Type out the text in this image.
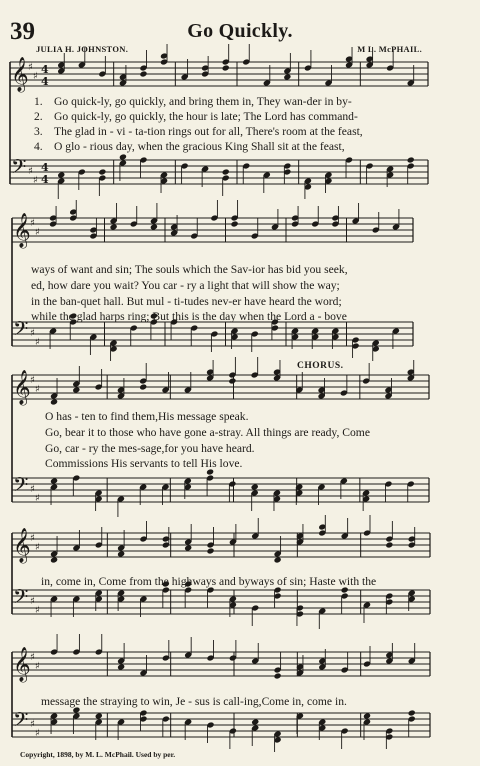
𝄞 ♯
♯
4
4
𝄢 ♯
♯
4
4
𝄞 ♯
♯
𝄢 ♯
♯
𝄞 ♯
♯
𝄢 ♯
♯
𝄞 ♯
♯
𝄢 ♯
♯
𝄞 ♯
♯
𝄢 ♯
♯
39	Go Quickly.
JULIA H. JOHNSTON.	M L. McPHAIL.
1. Go quick-ly, go quickly, and bring them in, They wan-der in by-
2. Go quick-ly, go quickly, the hour is late; The Lord has command-
3. The glad in - vi - ta-tion rings out for all, There's room at the feast,
4. O glo - rious day, when the gracious King Shall sit at the feast,
ways of want and sin; The souls which the Sav-ior has bid you seek,
ed, how dare you wait? You car - ry a light that will show the way;
in the ban-quet hall. But mul - ti-tudes nev-er have heard the word;
while the glad harps ring; But this is the day when the Lord a - bove
CHORUS.
O has - ten to find them,His message speak.
Go, bear it to those who have gone a-stray. All things are ready, Come
Go, car - ry the mes-sage,for you have heard.
Commissions His servants to tell His love.
in, come in, Come from the highways and byways of sin; Haste with the
message the straying to win, Je - sus is call-ing,Come in, come in.
Copyright, 1898, by M. L. McPhail. Used by per.
